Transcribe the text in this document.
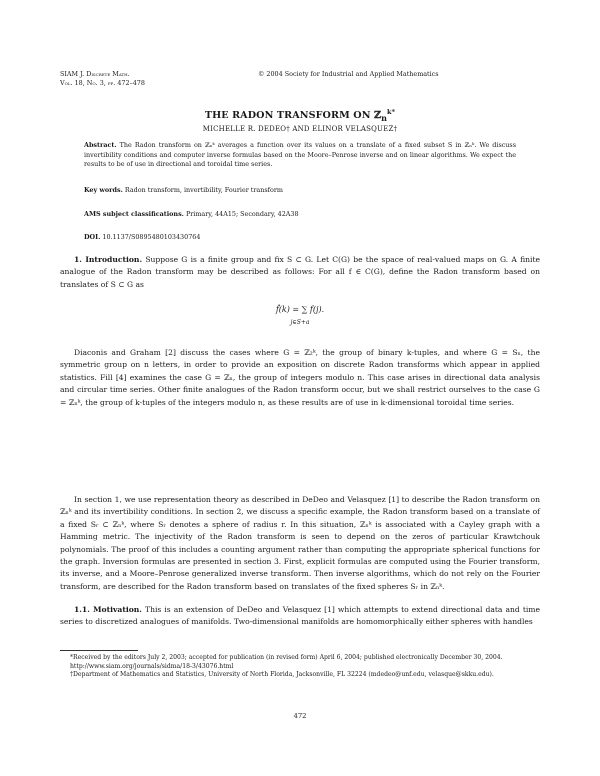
SIAM J. Discrete Math.
Vol. 18, No. 3, pp. 472–478
© 2004 Society for Industrial and Applied Mathematics
THE RADON TRANSFORM ON ℤ$_n^{k*}$
MICHELLE R. DEDEO† AND ELINOR VELASQUEZ†
Abstract. The Radon transform on ℤₙᵏ averages a function over its values on a translate of a fixed subset S in ℤₙᵏ. We discuss invertibility conditions and computer inverse formulas based on the Moore–Penrose inverse and on linear algorithms. We expect the results to be of use in directional and toroidal time series.
Key words. Radon transform, invertibility, Fourier transform
AMS subject classifications. Primary, 44A15; Secondary, 42A38
DOI. 10.1137/S0895480103430764

1. Introduction. Suppose G is a finite group and fix S ⊂ G. Let C(G) be the space of real-valued maps on G. A finite analogue of the Radon transform may be described as follows: For all f ∈ C(G), define the Radon transform based on translates of S ⊂ G as

f̂(k) = ∑ f(j).
j∈S+a

Diaconis and Graham [2] discuss the cases where G = ℤ₂ᵏ, the group of binary k-tuples, and where G = Sₙ, the symmetric group on n letters, in order to provide an exposition on discrete Radon transforms which appear in applied statistics. Fill [4] examines the case G = ℤₙ, the group of integers modulo n. This case arises in directional data analysis and circular time series. Other finite analogues of the Radon transform occur, but we shall restrict ourselves to the case G = ℤₙᵏ, the group of k-tuples of the integers modulo n, as these results are of use in k-dimensional toroidal time series.

In section 1, we use representation theory as described in DeDeo and Velasquez [1] to describe the Radon transform on ℤₙᵏ and its invertibility conditions. In section 2, we discuss a specific example, the Radon transform based on a translate of a fixed Sᵣ ⊂ ℤₙᵏ, where Sᵣ denotes a sphere of radius r. In this situation, ℤₙᵏ is associated with a Cayley graph with a Hamming metric. The injectivity of the Radon transform is seen to depend on the zeros of particular Krawtchouk polynomials. The proof of this includes a counting argument rather than computing the appropriate spherical functions for the graph. Inversion formulas are presented in section 3. First, explicit formulas are computed using the Fourier transform, its inverse, and a Moore–Penrose generalized inverse transform. Then inverse algorithms, which do not rely on the Fourier transform, are described for the Radon transform based on translates of the fixed spheres Sᵣ in ℤₙᵏ.

1.1. Motivation. This is an extension of DeDeo and Velasquez [1] which attempts to extend directional data and time series to discretized analogues of manifolds. Two-dimensional manifolds are homomorphically either spheres with handles

*Received by the editors July 2, 2003; accepted for publication (in revised form) April 6, 2004; published electronically December 30, 2004.
http://www.siam.org/journals/sidma/18-3/43076.html
†Department of Mathematics and Statistics, University of North Florida, Jacksonville, FL 32224 (mdedeo@unf.edu, velasque@skku.edu).
472
